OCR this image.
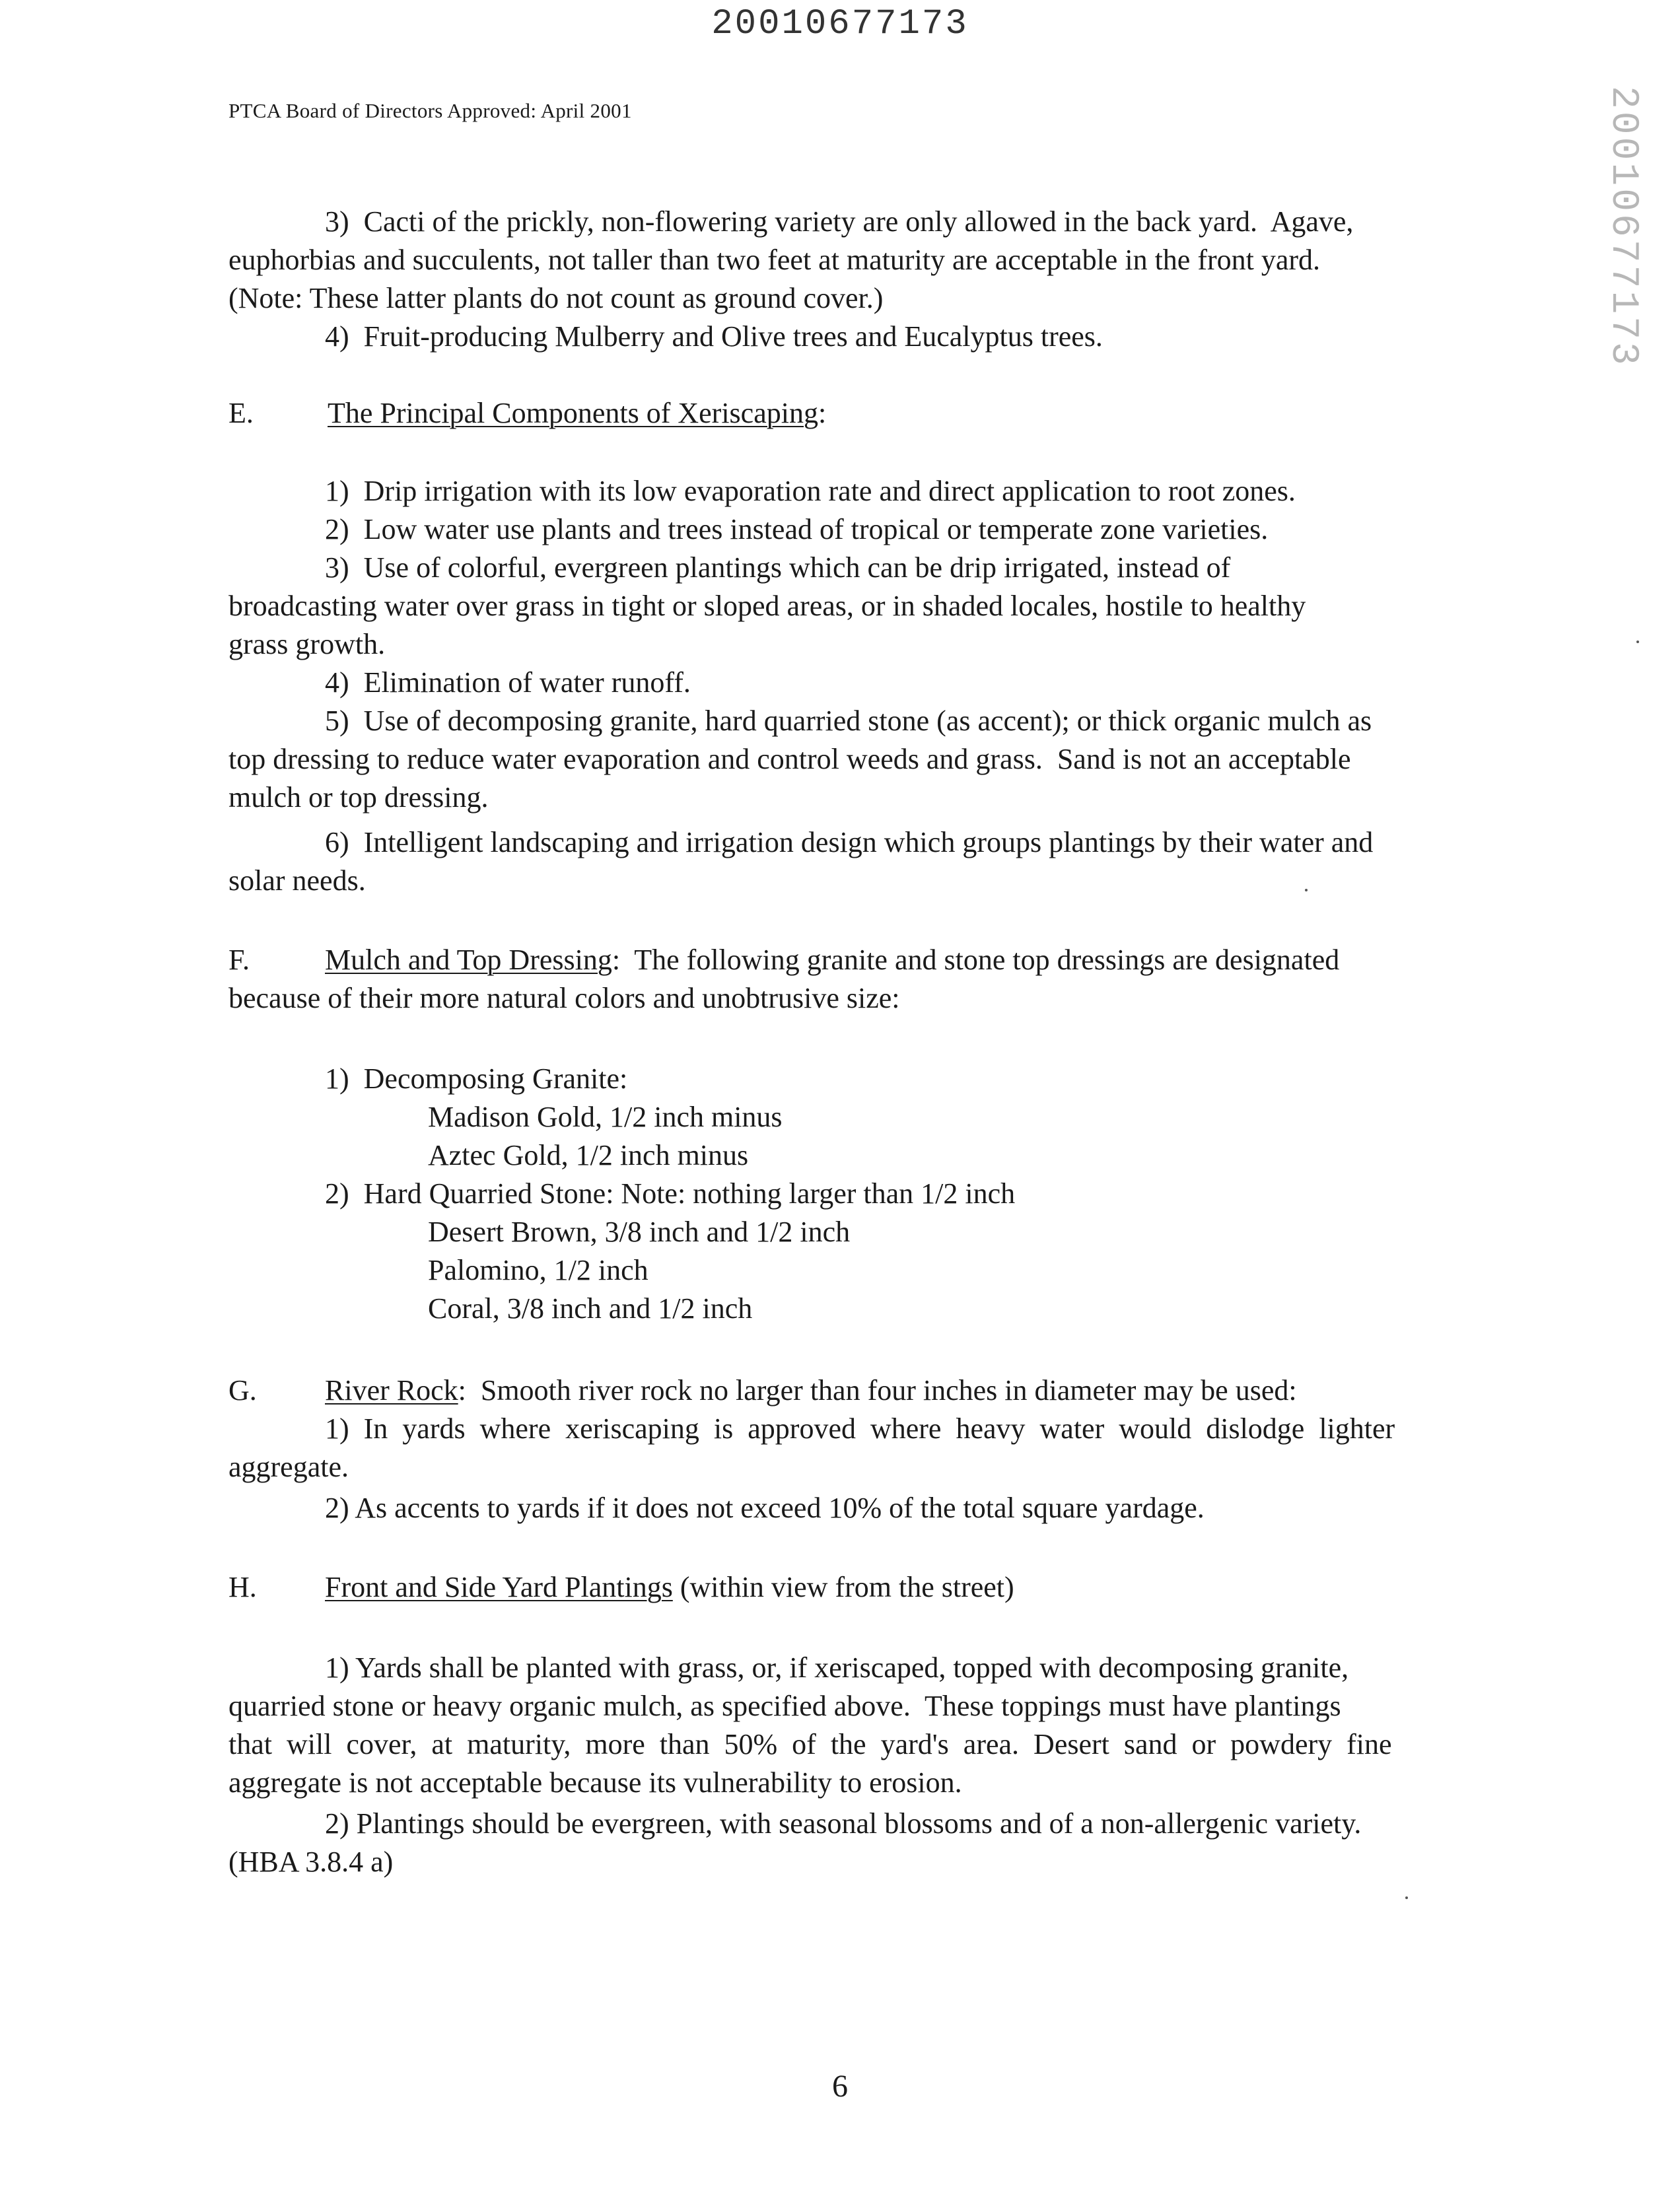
20010677173
PTCA Board of Directors Approved: April 2001	20010677173
3)  Cacti of the prickly, non-flowering variety are only allowed in the back yard.  Agave,
euphorbias and succulents, not taller than two feet at maturity are acceptable in the front yard.
(Note: These latter plants do not count as ground cover.)
4)  Fruit-producing Mulberry and Olive trees and Eucalyptus trees.
E.	The Principal Components of Xeriscaping:
1)  Drip irrigation with its low evaporation rate and direct application to root zones.
2)  Low water use plants and trees instead of tropical or temperate zone varieties.
3)  Use of colorful, evergreen plantings which can be drip irrigated, instead of
broadcasting water over grass in tight or sloped areas, or in shaded locales, hostile to healthy
grass growth.
4)  Elimination of water runoff.
5)  Use of decomposing granite, hard quarried stone (as accent); or thick organic mulch as
top dressing to reduce water evaporation and control weeds and grass.  Sand is not an acceptable
mulch or top dressing.
6)  Intelligent landscaping and irrigation design which groups plantings by their water and
solar needs.
F.	Mulch and Top Dressing:  The following granite and stone top dressings are designated
because of their more natural colors and unobtrusive size:
1)  Decomposing Granite:
Madison Gold, 1/2 inch minus
Aztec Gold, 1/2 inch minus
2)  Hard Quarried Stone: Note: nothing larger than 1/2 inch
Desert Brown, 3/8 inch and 1/2 inch
Palomino, 1/2 inch
Coral, 3/8 inch and 1/2 inch
G. River Rock:  Smooth river rock no larger than four inches in diameter may be used:
1)  In  yards  where  xeriscaping  is  approved  where  heavy  water  would  dislodge  lighter
aggregate.
2) As accents to yards if it does not exceed 10% of the total square yardage.
H. Front and Side Yard Plantings (within view from the street)
1) Yards shall be planted with grass, or, if xeriscaped, topped with decomposing granite,
quarried stone or heavy organic mulch, as specified above.  These toppings must have plantings
that  will  cover,  at  maturity,  more  than  50%  of  the  yard's  area.  Desert  sand  or  powdery  fine
aggregate is not acceptable because its vulnerability to erosion.
2) Plantings should be evergreen, with seasonal blossoms and of a non-allergenic variety.
(HBA 3.8.4 a)
6
